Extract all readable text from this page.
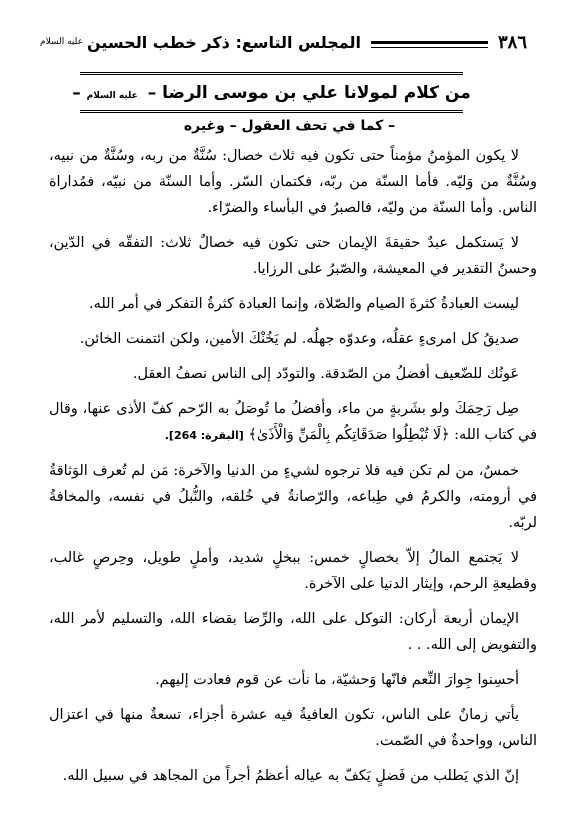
٣٨٦
المجلس التاسع: ذكر خطب الحسين
عليه السلام
من كلام لمولانا علي بن موسى الرضا – عليه السلام –
– كما في تحف العقول – وغيره

لا يكون المؤمنُ مؤمناً حتى تكون فيه ثلاث خصال: سُنَّةٌ من ربه، وسُنَّةٌ من نبيه، وسُنَّةٌ من وَليّه. فأما السنّة من ربّه، فكتمان السّر. وأما السنّة من نبيّه، فمُداراة الناس. وأما السنّة من وليّه، فالصبرُ في البأساء والضرّاء.

لا يَستكمل عبدٌ حقيقةَ الإيمان حتى تكون فيه خصالٌ ثلاث: التفقّه في الدّين، وحسنُ التقدير في المعيشة، والصّبرُ على الرزايا.

ليست العبادةُ كثرةَ الصيام والصّلاة، وإنما العبادة كثرةُ التفكر في أمر الله.

صديقُ كل امرىءٍ عقلُه، وعدوّه جهلُه. لم يَخُنْكَ الأمين، ولكن ائتمنت الخائن.

عَونُك للضّعيف أفضلُ من الصّدقة. والتودّد إلى الناس نصفُ العقل.

صِل رَحِمَكَ ولو بشَربةٍ من ماء، وأفضلُ ما تُوصَلُ به الرّحم كفّ الأذى عنها، وقال في كتاب الله: ﴿لَا تُبْطِلُوا صَدَقَاتِكُم بِالْمَنِّ وَالْأَذَىٰ﴾ [البقرة: 264].

خمسٌ، من لم تكن فيه فلا ترجوه لشيءٍ من الدنيا والآخرة: مَن لم تُعرف الوَثاقةُ في أرومته، والكرمُ في طِباعه، والرّصانةُ في خُلقه، والنُّبلُ في نفسه، والمخافةُ لربّه.

لا يَجتمع المالُ إلاّ بخصالٍ خمس: ببخلٍ شديد، وأملٍ طويل، وحِرصٍ غالب، وقطيعةِ الرحم، وإيثار الدنيا على الآخرة.

الإيمان أربعة أركان: التوكل على الله، والرِّضا بقضاء الله، والتسليم لأمر الله، والتفويض إلى الله. . .

أحسِنوا جِوارَ النِّعم فانّها وَحشيّة، ما نأت عن قوم فعادت إليهم.

يأتي زمانٌ على الناس، تكون العافيةُ فيه عشرة أجزاء، تسعةٌ منها في اعتزال الناس، وواحدةٌ في الصّمت.

إنّ الذي يَطلب من فَضلٍ يَكفّ به عياله أعظمُ أجراً من المجاهد في سبيل الله.
